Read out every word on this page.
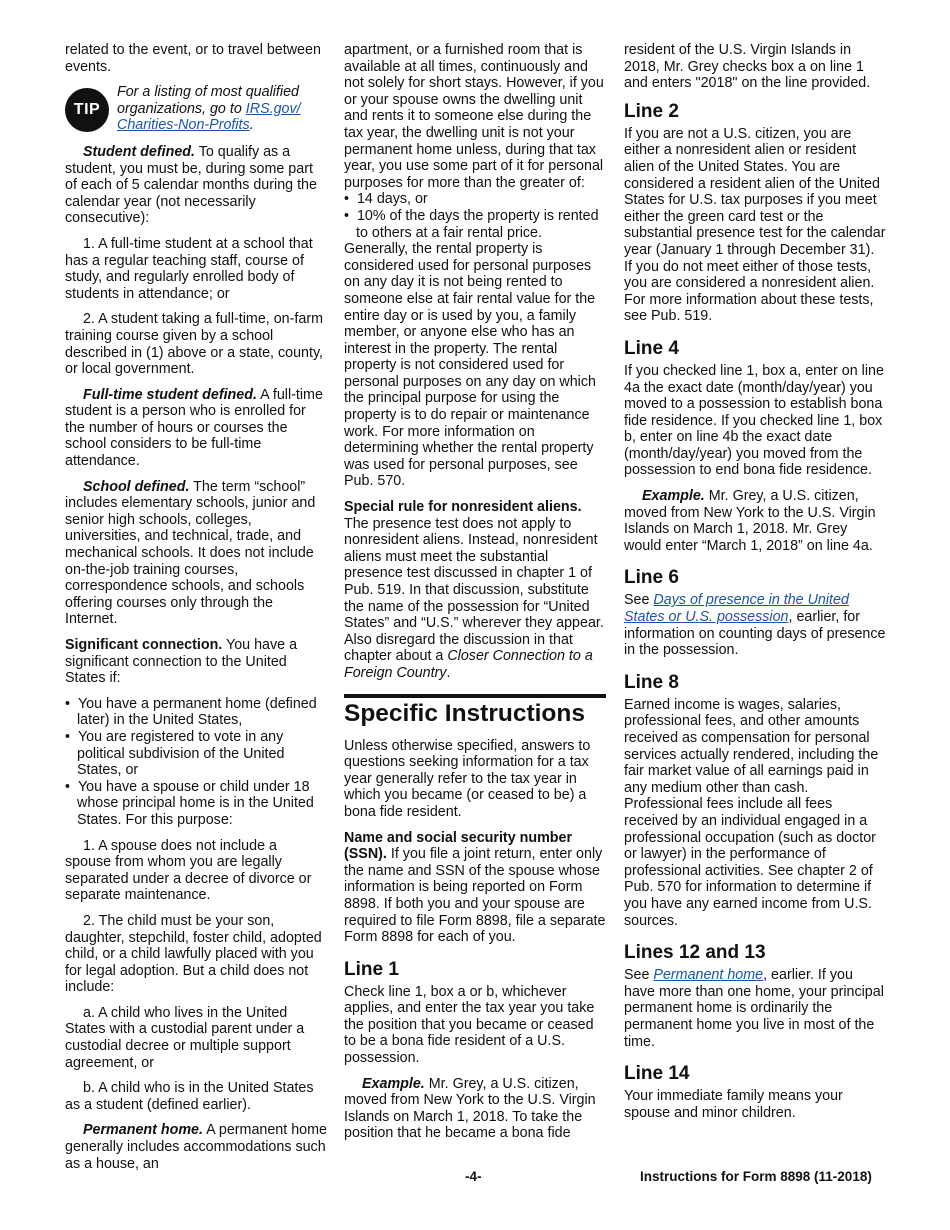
related to the event, or to travel between events.

TIP
For a listing of most qualified organizations, go to IRS.gov/ Charities-Non-Profits.

Student defined. To qualify as a student, you must be, during some part of each of 5 calendar months during the calendar year (not necessarily consecutive):

1. A full-time student at a school that has a regular teaching staff, course of study, and regularly enrolled body of students in attendance; or

2. A student taking a full-time, on-farm training course given by a school described in (1) above or a state, county, or local government.

Full-time student defined. A full-time student is a person who is enrolled for the number of hours or courses the school considers to be full-time attendance.

School defined. The term “school” includes elementary schools, junior and senior high schools, colleges, universities, and technical, trade, and mechanical schools. It does not include on-the-job training courses, correspondence schools, and schools offering courses only through the Internet.

Significant connection. You have a significant connection to the United States if:

•  You have a permanent home (defined later) in the United States,

•  You are registered to vote in any political subdivision of the United States, or

•  You have a spouse or child under 18 whose principal home is in the United States. For this purpose:

1. A spouse does not include a spouse from whom you are legally separated under a decree of divorce or separate maintenance.

2. The child must be your son, daughter, stepchild, foster child, adopted child, or a child lawfully placed with you for legal adoption. But a child does not include:

a. A child who lives in the United States with a custodial parent under a custodial decree or multiple support agreement, or

b. A child who is in the United States as a student (defined earlier).

Permanent home. A permanent home generally includes accommodations such as a house, an

apartment, or a furnished room that is available at all times, continuously and not solely for short stays. However, if you or your spouse owns the dwelling unit and rents it to someone else during the tax year, the dwelling unit is not your permanent home unless, during that tax year, you use some part of it for personal purposes for more than the greater of:

•  14 days, or

•  10% of the days the property is rented to others at a fair rental price.

Generally, the rental property is considered used for personal purposes on any day it is not being rented to someone else at fair rental value for the entire day or is used by you, a family member, or anyone else who has an interest in the property. The rental property is not considered used for personal purposes on any day on which the principal purpose for using the property is to do repair or maintenance work. For more information on determining whether the rental property was used for personal purposes, see Pub. 570.

Special rule for nonresident aliens. The presence test does not apply to nonresident aliens. Instead, nonresident aliens must meet the substantial presence test discussed in chapter 1 of Pub. 519. In that discussion, substitute the name of the possession for “United States” and “U.S.” wherever they appear. Also disregard the discussion in that chapter about a Closer Connection to a Foreign Country.

Specific Instructions

Unless otherwise specified, answers to questions seeking information for a tax year generally refer to the tax year in which you became (or ceased to be) a bona fide resident.

Name and social security number (SSN). If you file a joint return, enter only the name and SSN of the spouse whose information is being reported on Form 8898. If both you and your spouse are required to file Form 8898, file a separate Form 8898 for each of you.

Line 1

Check line 1, box a or b, whichever applies, and enter the tax year you take the position that you became or ceased to be a bona fide resident of a U.S. possession.

Example. Mr. Grey, a U.S. citizen, moved from New York to the U.S. Virgin Islands on March 1, 2018. To take the position that he became a bona fide

resident of the U.S. Virgin Islands in 2018, Mr. Grey checks box a on line 1 and enters "2018" on the line provided.

Line 2

If you are not a U.S. citizen, you are either a nonresident alien or resident alien of the United States. You are considered a resident alien of the United States for U.S. tax purposes if you meet either the green card test or the substantial presence test for the calendar year (January 1 through December 31). If you do not meet either of those tests, you are considered a nonresident alien. For more information about these tests, see Pub. 519.

Line 4

If you checked line 1, box a, enter on line 4a the exact date (month/day/year) you moved to a possession to establish bona fide residence. If you checked line 1, box b, enter on line 4b the exact date (month/day/year) you moved from the possession to end bona fide residence.

Example. Mr. Grey, a U.S. citizen, moved from New York to the U.S. Virgin Islands on March 1, 2018. Mr. Grey would enter “March 1, 2018” on line 4a.

Line 6

See Days of presence in the United States or U.S. possession, earlier, for information on counting days of presence in the possession.

Line 8

Earned income is wages, salaries, professional fees, and other amounts received as compensation for personal services actually rendered, including the fair market value of all earnings paid in any medium other than cash. Professional fees include all fees received by an individual engaged in a professional occupation (such as doctor or lawyer) in the performance of professional activities. See chapter 2 of Pub. 570 for information to determine if you have any earned income from U.S. sources.

Lines 12 and 13

See Permanent home, earlier. If you have more than one home, your principal permanent home is ordinarily the permanent home you live in most of the time.

Line 14

Your immediate family means your spouse and minor children.

-4-	Instructions for Form 8898 (11-2018)
